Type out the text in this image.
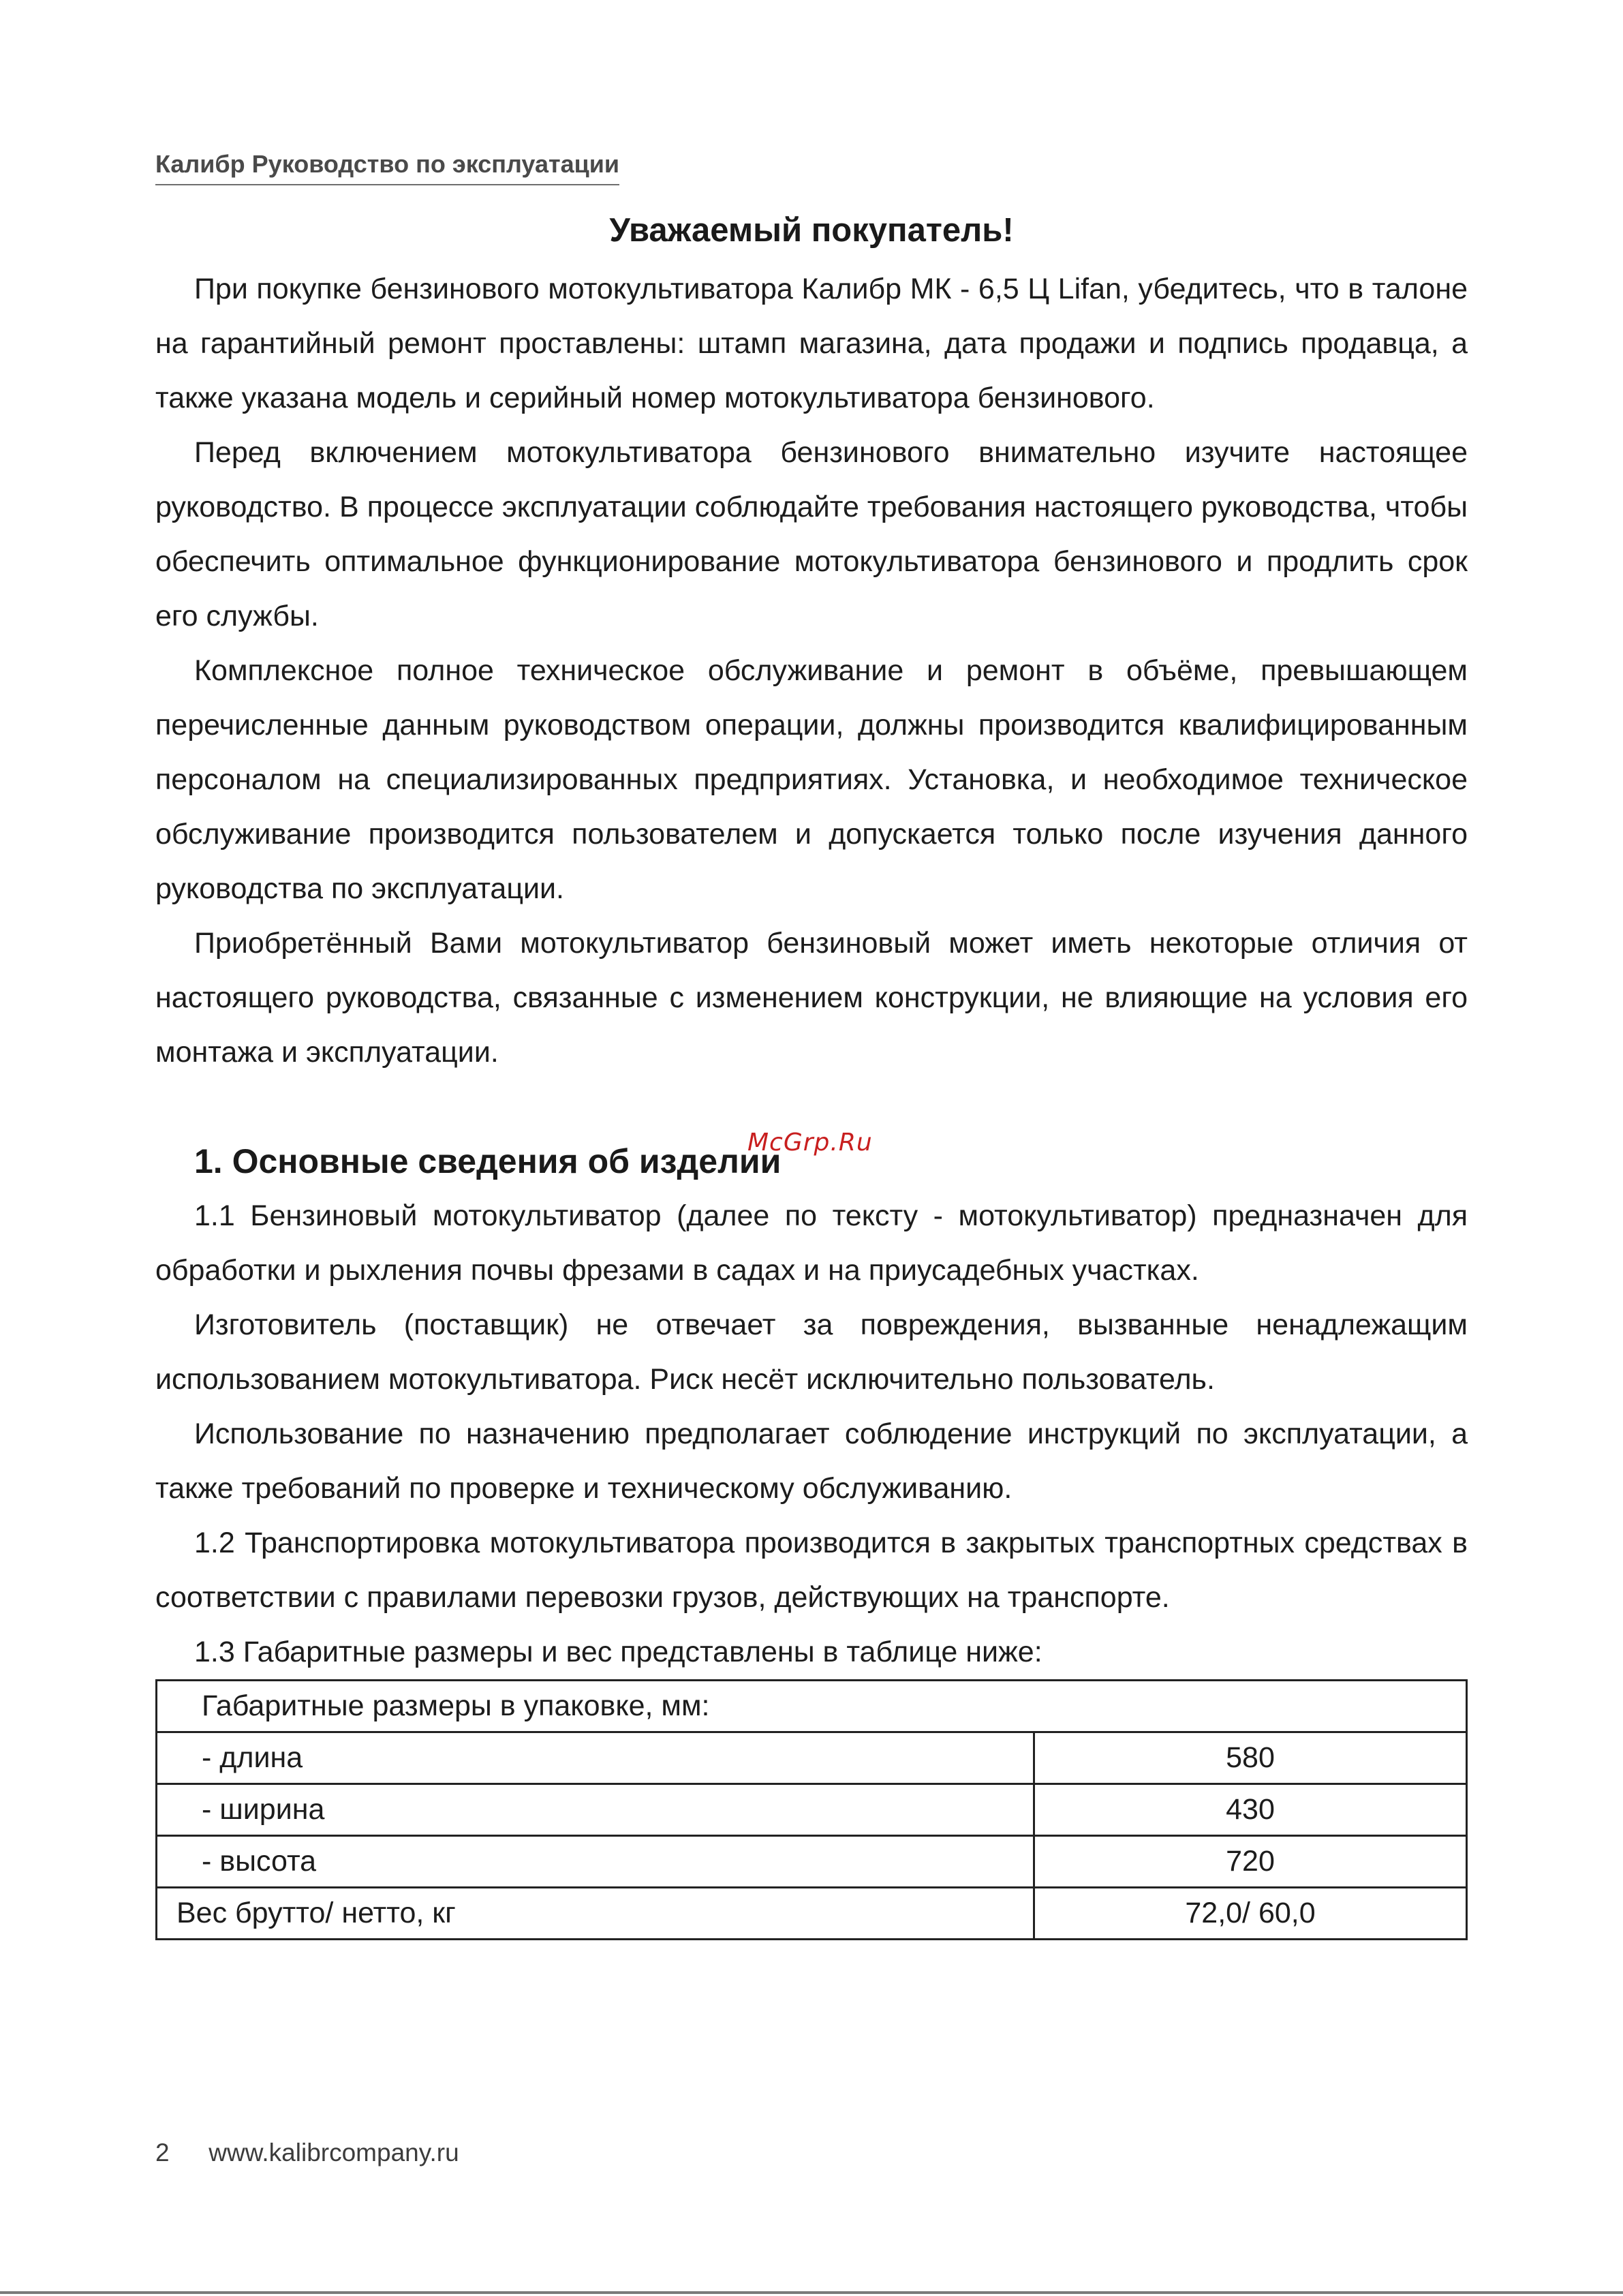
Калибр Руководство по эксплуатации
Уважаемый покупатель!

При покупке бензинового мотокультиватора Калибр МК - 6,5 Ц Lifan, убедитесь, что в талоне на гарантийный ремонт проставлены: штамп магазина, дата продажи и подпись продавца, а также указана модель и серийный номер мотокультиватора бензинового.

Перед включением мотокультиватора бензинового внимательно изучите настоящее руководство. В процессе эксплуатации соблюдайте требования настоящего руководства, чтобы обеспечить оптимальное функционирование мотокультиватора бензинового и продлить срок его службы.

Комплексное полное техническое обслуживание и ремонт в объёме, превышающем перечисленные данным руководством операции, должны производится квалифицированным персоналом на специализированных предприятиях. Установка, и необходимое техническое обслуживание производится пользователем и допускается только после изучения данного руководства по эксплуатации.

Приобретённый Вами мотокультиватор бензиновый может иметь некоторые отличия от настоящего руководства, связанные с изменением конструкции, не влияющие на условия его монтажа и эксплуатации.

1. Основные сведения об изделии

1.1 Бензиновый мотокультиватор (далее по тексту - мотокультиватор) предназначен для обработки и рыхления почвы фрезами в садах и на приусадебных участках.

Изготовитель (поставщик) не отвечает за повреждения, вызванные ненадлежащим использованием мотокультиватора. Риск несёт исключительно пользователь.

Использование по назначению предполагает соблюдение инструкций по эксплуатации, а также требований по проверке и техническому обслуживанию.

1.2 Транспортировка мотокультиватора производится в закрытых транспортных средствах в соответствии с правилами перевозки грузов, действующих на транспорте.

1.3 Габаритные размеры и вес представлены в таблице ниже:

Габаритные размеры в упаковке, мм:	
- длина	580
- ширина	430
- высота	720
Вес брутто/ нетто, кг	72,0/ 60,0
McGrp.Ru
2 www.kalibrcompany.ru
